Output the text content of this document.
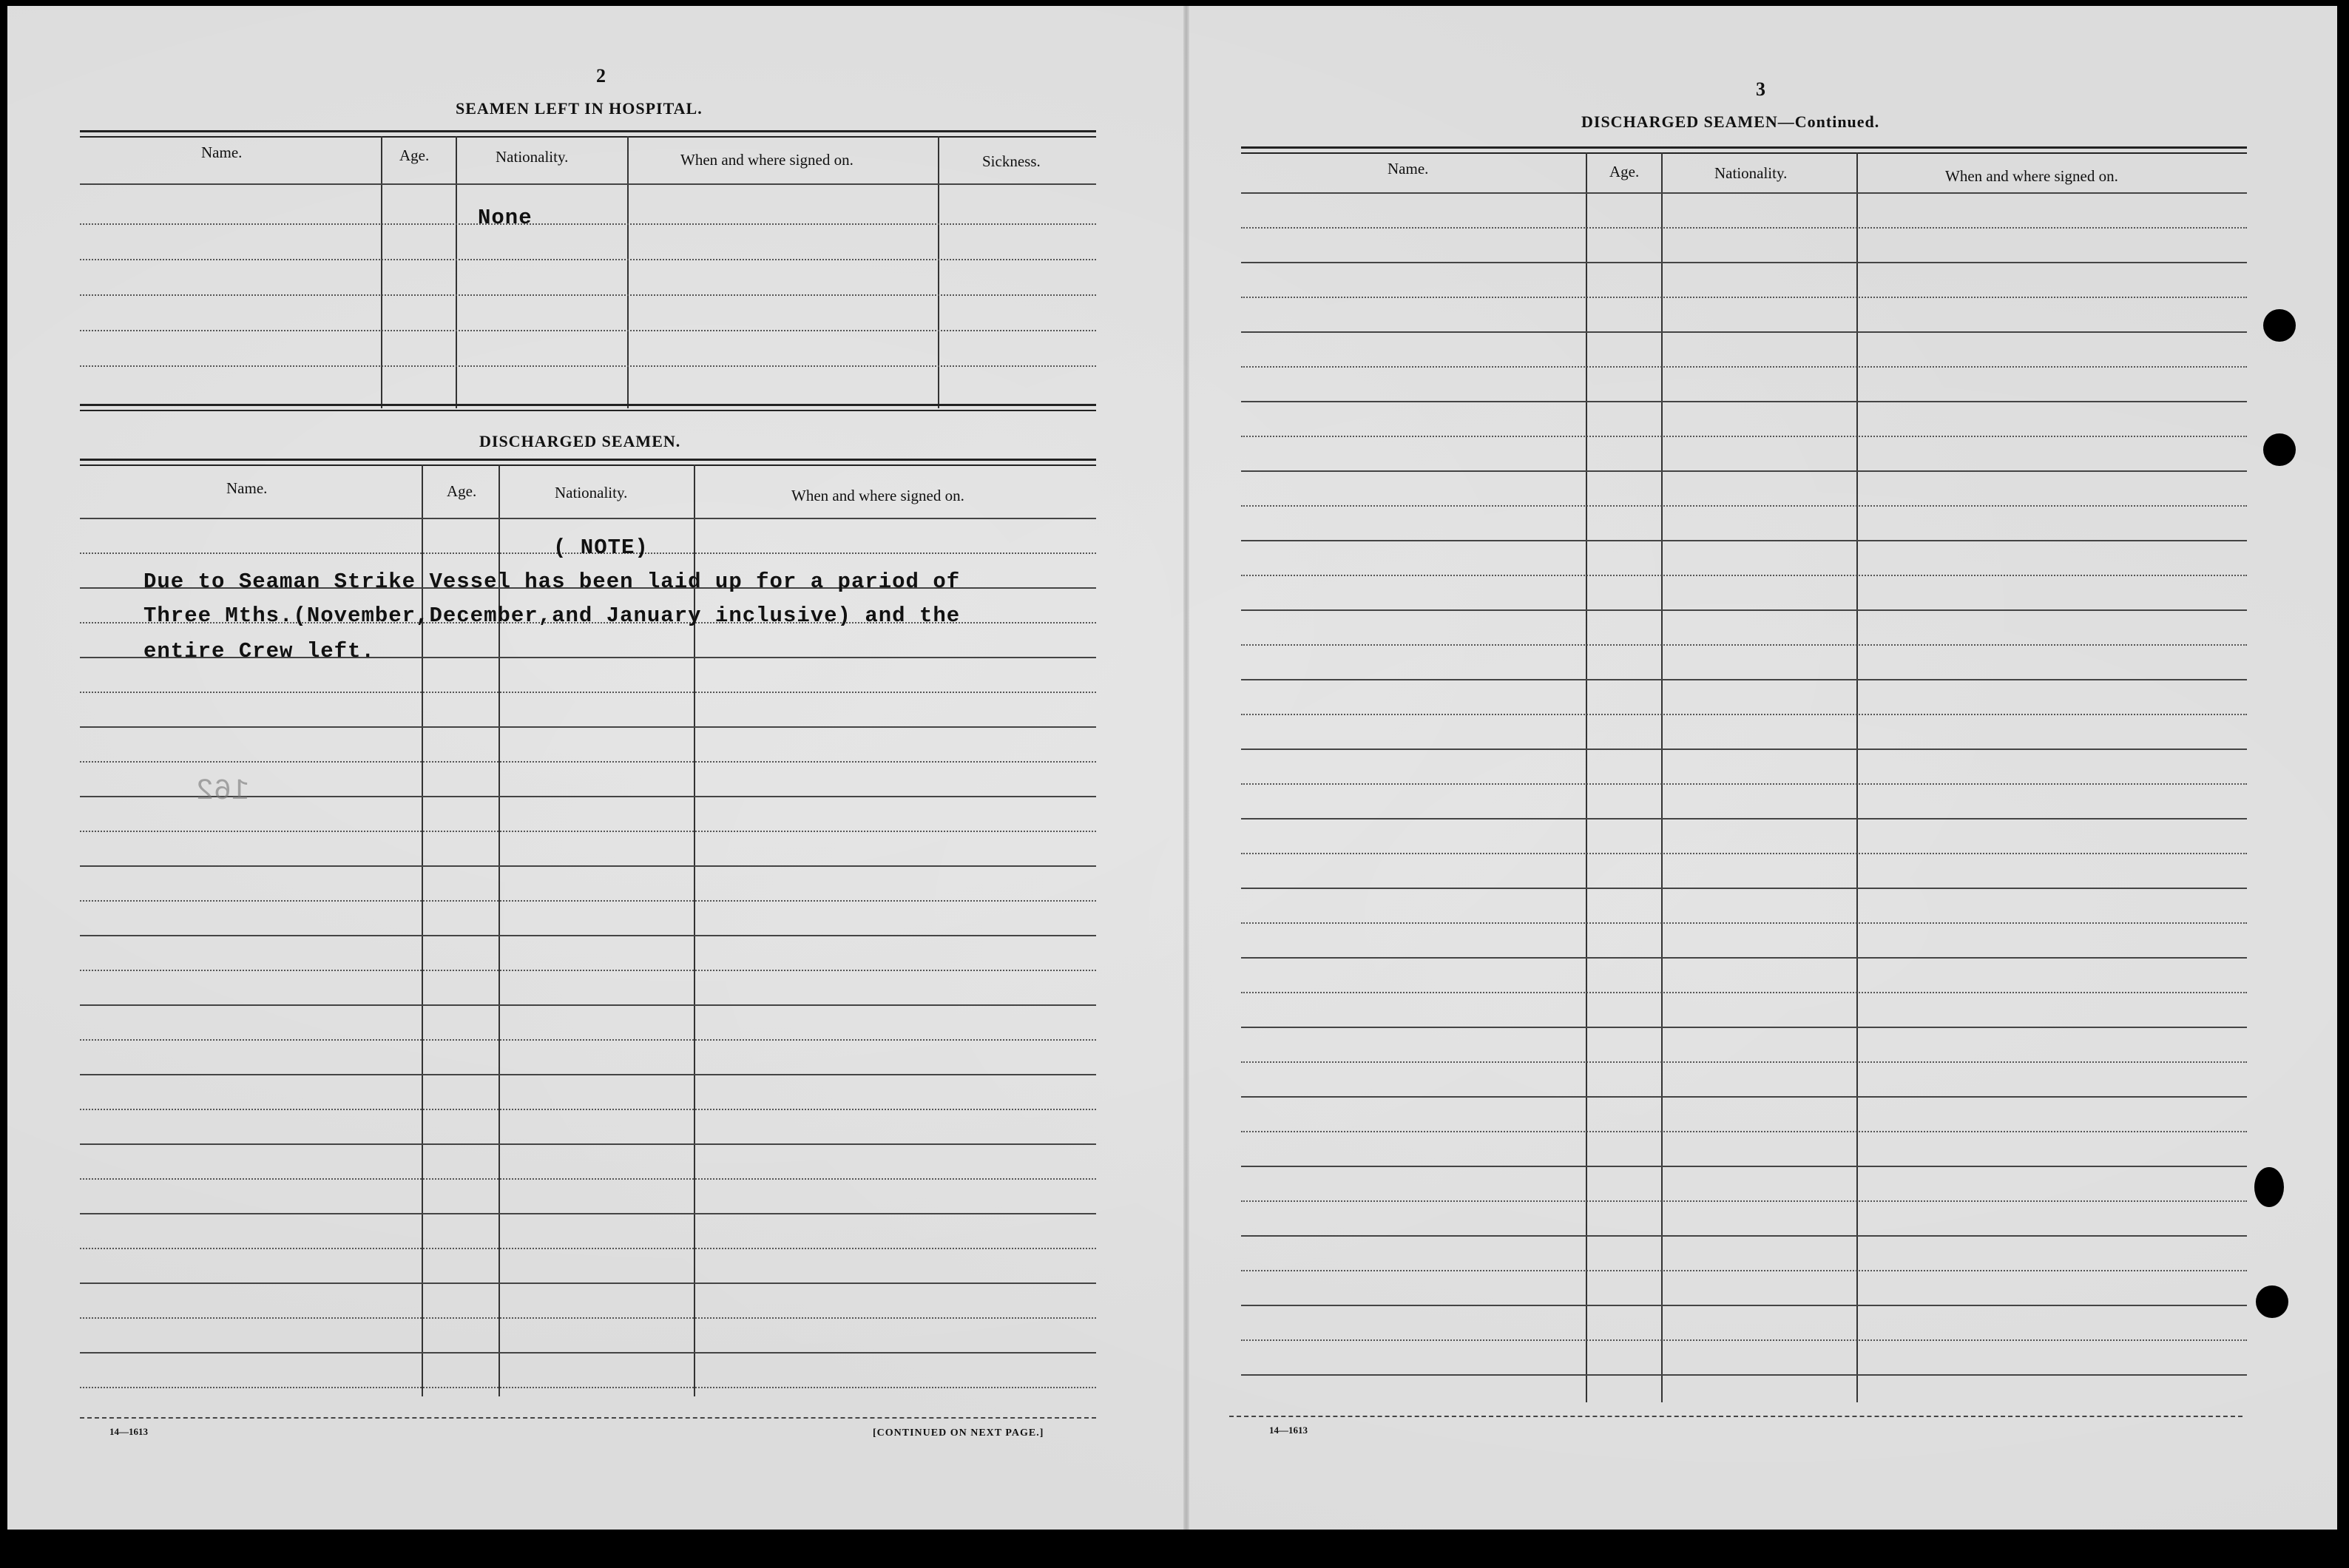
2
SEAMEN LEFT IN HOSPITAL.
Name.	Age.	Nationality.	When and where signed on.	Sickness.
None
DISCHARGED SEAMEN.
Name.	Age.	Nationality.	When and where signed on.
( NOTE)
Due to Seaman Strike Vessel has been laid up for a pariod of
Three Mths.(November,December,and January inclusive) and the
entire Crew left.
162
14—1613	[CONTINUED ON NEXT PAGE.]
3
DISCHARGED SEAMEN—Continued.
Name.	Age.	Nationality.	When and where signed on.
14—1613
